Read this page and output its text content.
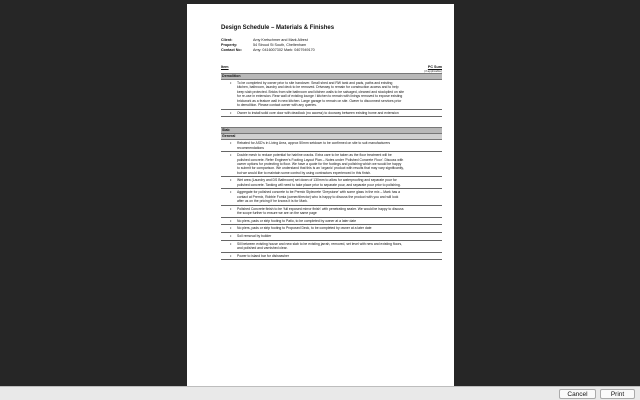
Design Schedule – Materials & Finishes
Client:	Amy Kretschmer and Mark Allrest
Property:	54 Stroud St South, Cheltenham
Contact No:	Amy: 0416007302 Mark: 0407949170
Item	PC Sum
(if applicable)
Demolition
• To be completed by owner prior to site handover. Small shed and RW tank and pads, paths and existing kitchen, bathroom, laundry and deck to be removed. Driveway to remain for construction access and to help keep slab protected. Bricks from site bathroom and kitchen walls to be salvaged, cleaned and stockpiled on site for re-use in extension. Rear wall of existing lounge / kitchen to remain with linings removed to expose existing brickwork as a feature wall in new kitchen. Large garage to remain on site. Owner to disconnect services prior to demolition. Please contact owner with any queries.
• Owner to install solid core door with deadlock (no access) to doorway between existing home and extension
Slab
General
• Rebated for ASD's in Living Area, approx 50mm setdown to be confirmed on site to suit manufacturers recommendations
• Double mesh to reduce potential for hairline cracks. Extra care to be taken as the floor treatment will be polished concrete. Refer Engineer's Footing Layout Plan – Notes under 'Polished Concrete Floor'. Discuss with owner options for protecting to floor. We have a quote for the footings and polishing which we would be happy to submit for comparison. We understand that this is an 'organic' product with results that may vary significantly, but we would like to maintain some control by using contractors experienced in this finish.
• Wet area (Laundry and DS Bathroom) set down of 130mm to allow for waterproofing and separate pour for polished concrete. Tanking will need to take place prior to separate pour, and separate pour prior to polishing.
• Aggregate for polished concrete to be Premix Stylecrete 'Greystone' with some glass in the mix – Mark has a contact at Premix, Robbie Fomia (owner/director) who is happy to discuss the product with you and will look after us on the pricing if he knows it is for Mark.
• Polished Concrete finish to be 'full exposed mirror finish' with penetrating sealer. We would be happy to discuss the scope further to ensure we are on the same page
• No piers, pads or strip footing to Patio, to be completed by owner at a later date
• No piers, pads or strip footing to Proposed Deck, to be completed by owner at a later date
• Soil removal by builder
• Sill between existing house and new slab to be existing jarrah, removed, set level with new and existing floors, and polished and varnished clear.
• Power to island bar for dishwasher
Cancel	Print
